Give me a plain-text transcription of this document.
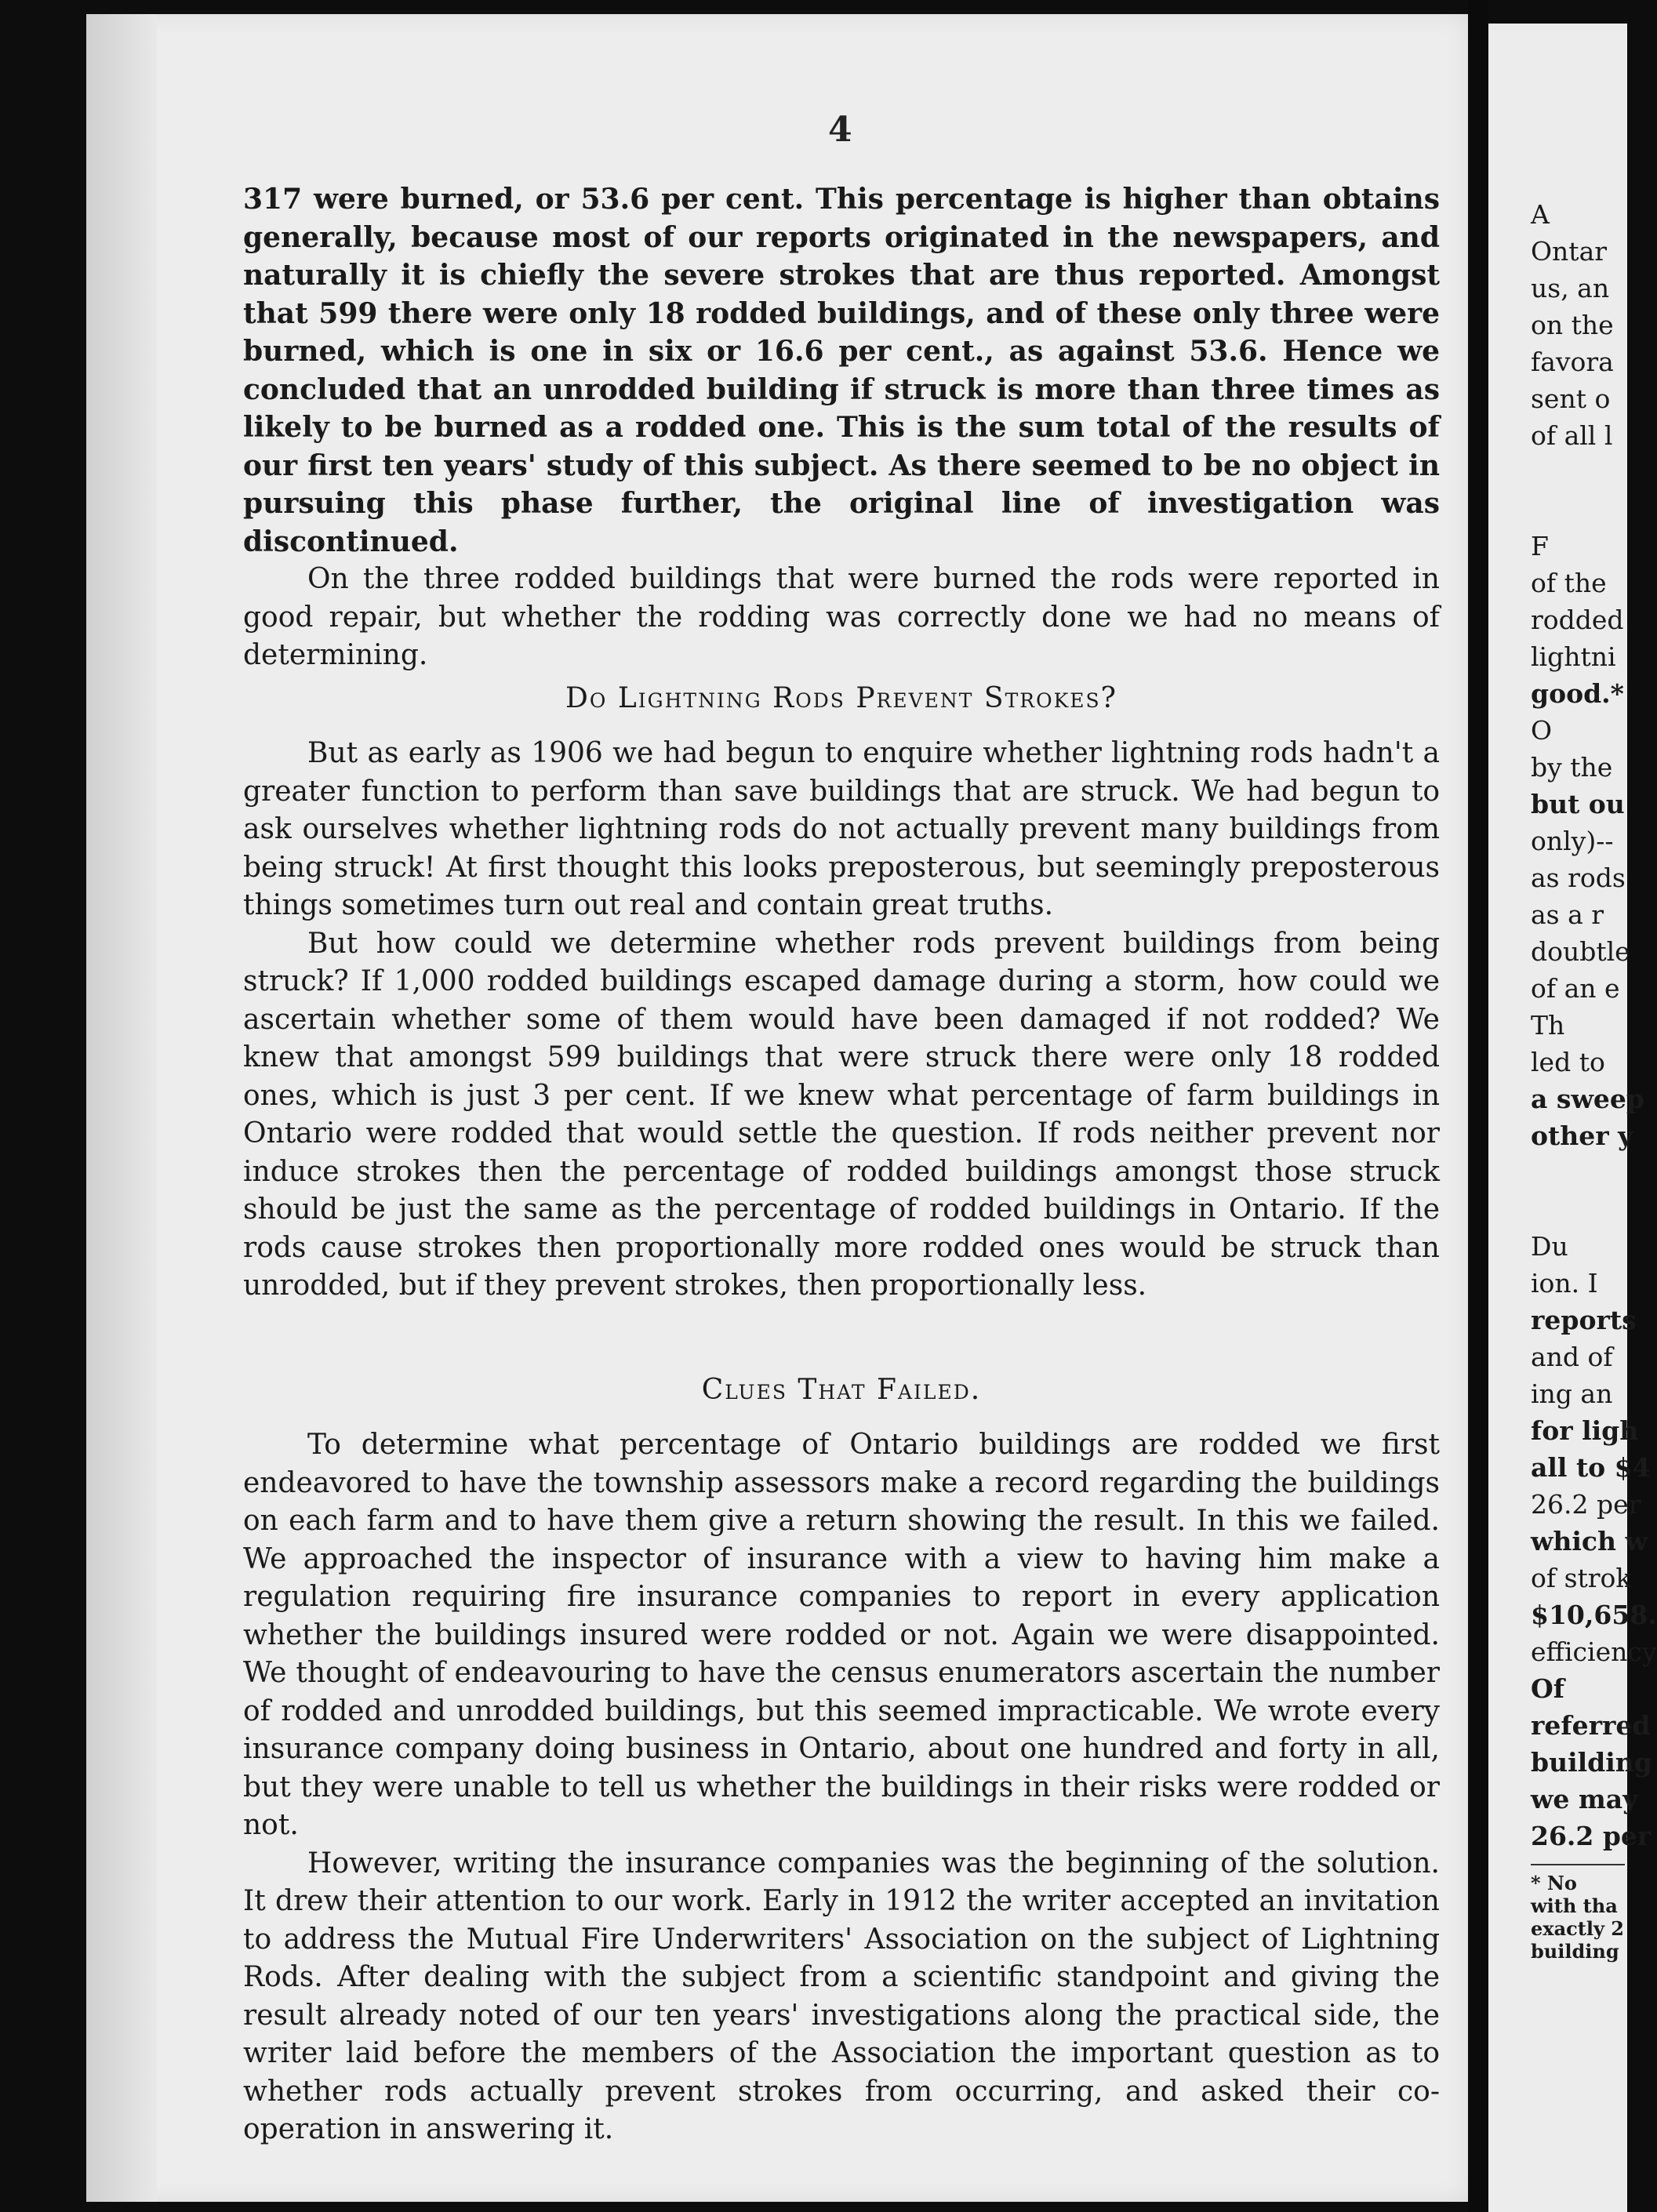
4

317 were burned, or 53.6 per cent. This percentage is higher than obtains generally, because most of our reports originated in the newspapers, and naturally it is chiefly the severe strokes that are thus reported. Amongst that 599 there were only 18 rodded buildings, and of these only three were burned, which is one in six or 16.6 per cent., as against 53.6. Hence we concluded that an unrodded building if struck is more than three times as likely to be burned as a rodded one. This is the sum total of the results of our first ten years' study of this subject. As there seemed to be no object in pursuing this phase further, the original line of investigation was discontinued.

On the three rodded buildings that were burned the rods were reported in good repair, but whether the rodding was correctly done we had no means of determining.

Do Lightning Rods Prevent Strokes?

But as early as 1906 we had begun to enquire whether lightning rods hadn't a greater function to perform than save buildings that are struck. We had begun to ask ourselves whether lightning rods do not actually prevent many buildings from being struck! At first thought this looks preposterous, but seemingly preposterous things sometimes turn out real and contain great truths.

But how could we determine whether rods prevent buildings from being struck? If 1,000 rodded buildings escaped damage during a storm, how could we ascertain whether some of them would have been damaged if not rodded? We knew that amongst 599 buildings that were struck there were only 18 rodded ones, which is just 3 per cent. If we knew what percentage of farm buildings in Ontario were rodded that would settle the question. If rods neither prevent nor induce strokes then the percentage of rodded buildings amongst those struck should be just the same as the percentage of rodded buildings in Ontario. If the rods cause strokes then proportionally more rodded ones would be struck than unrodded, but if they prevent strokes, then proportionally less.

Clues That Failed.

To determine what percentage of Ontario buildings are rodded we first endeavored to have the township assessors make a record regarding the buildings on each farm and to have them give a return showing the result. In this we failed. We approached the inspector of insurance with a view to having him make a regulation requiring fire insurance companies to report in every application whether the buildings insured were rodded or not. Again we were disappointed. We thought of endeavouring to have the census enumerators ascertain the number of rodded and unrodded buildings, but this seemed impracticable. We wrote every insurance company doing business in Ontario, about one hundred and forty in all, but they were unable to tell us whether the buildings in their risks were rodded or not.

However, writing the insurance companies was the beginning of the solution. It drew their attention to our work. Early in 1912 the writer accepted an invitation to address the Mutual Fire Underwriters' Association on the subject of Lightning Rods. After dealing with the subject from a scientific standpoint and giving the result already noted of our ten years' investigations along the practical side, the writer laid before the members of the Association the important question as to whether rods actually prevent strokes from occurring, and asked their co-operation in answering it.

A
Ontar
us, an
on the
favora
sent o
of all l
F
of the
rodded
lightni
good.*
O
by the
but ou
only)--
as rods
as a r
doubtle
of an e
Th
led to
a sweep
other y
Du
ion. I
reports
and of
ing an
for ligh
all to $4
26.2 per
which w
of strok
$10,658.
efficiency
Of
referred
building
we may
26.2 per
* No
with tha
exactly 2
building
